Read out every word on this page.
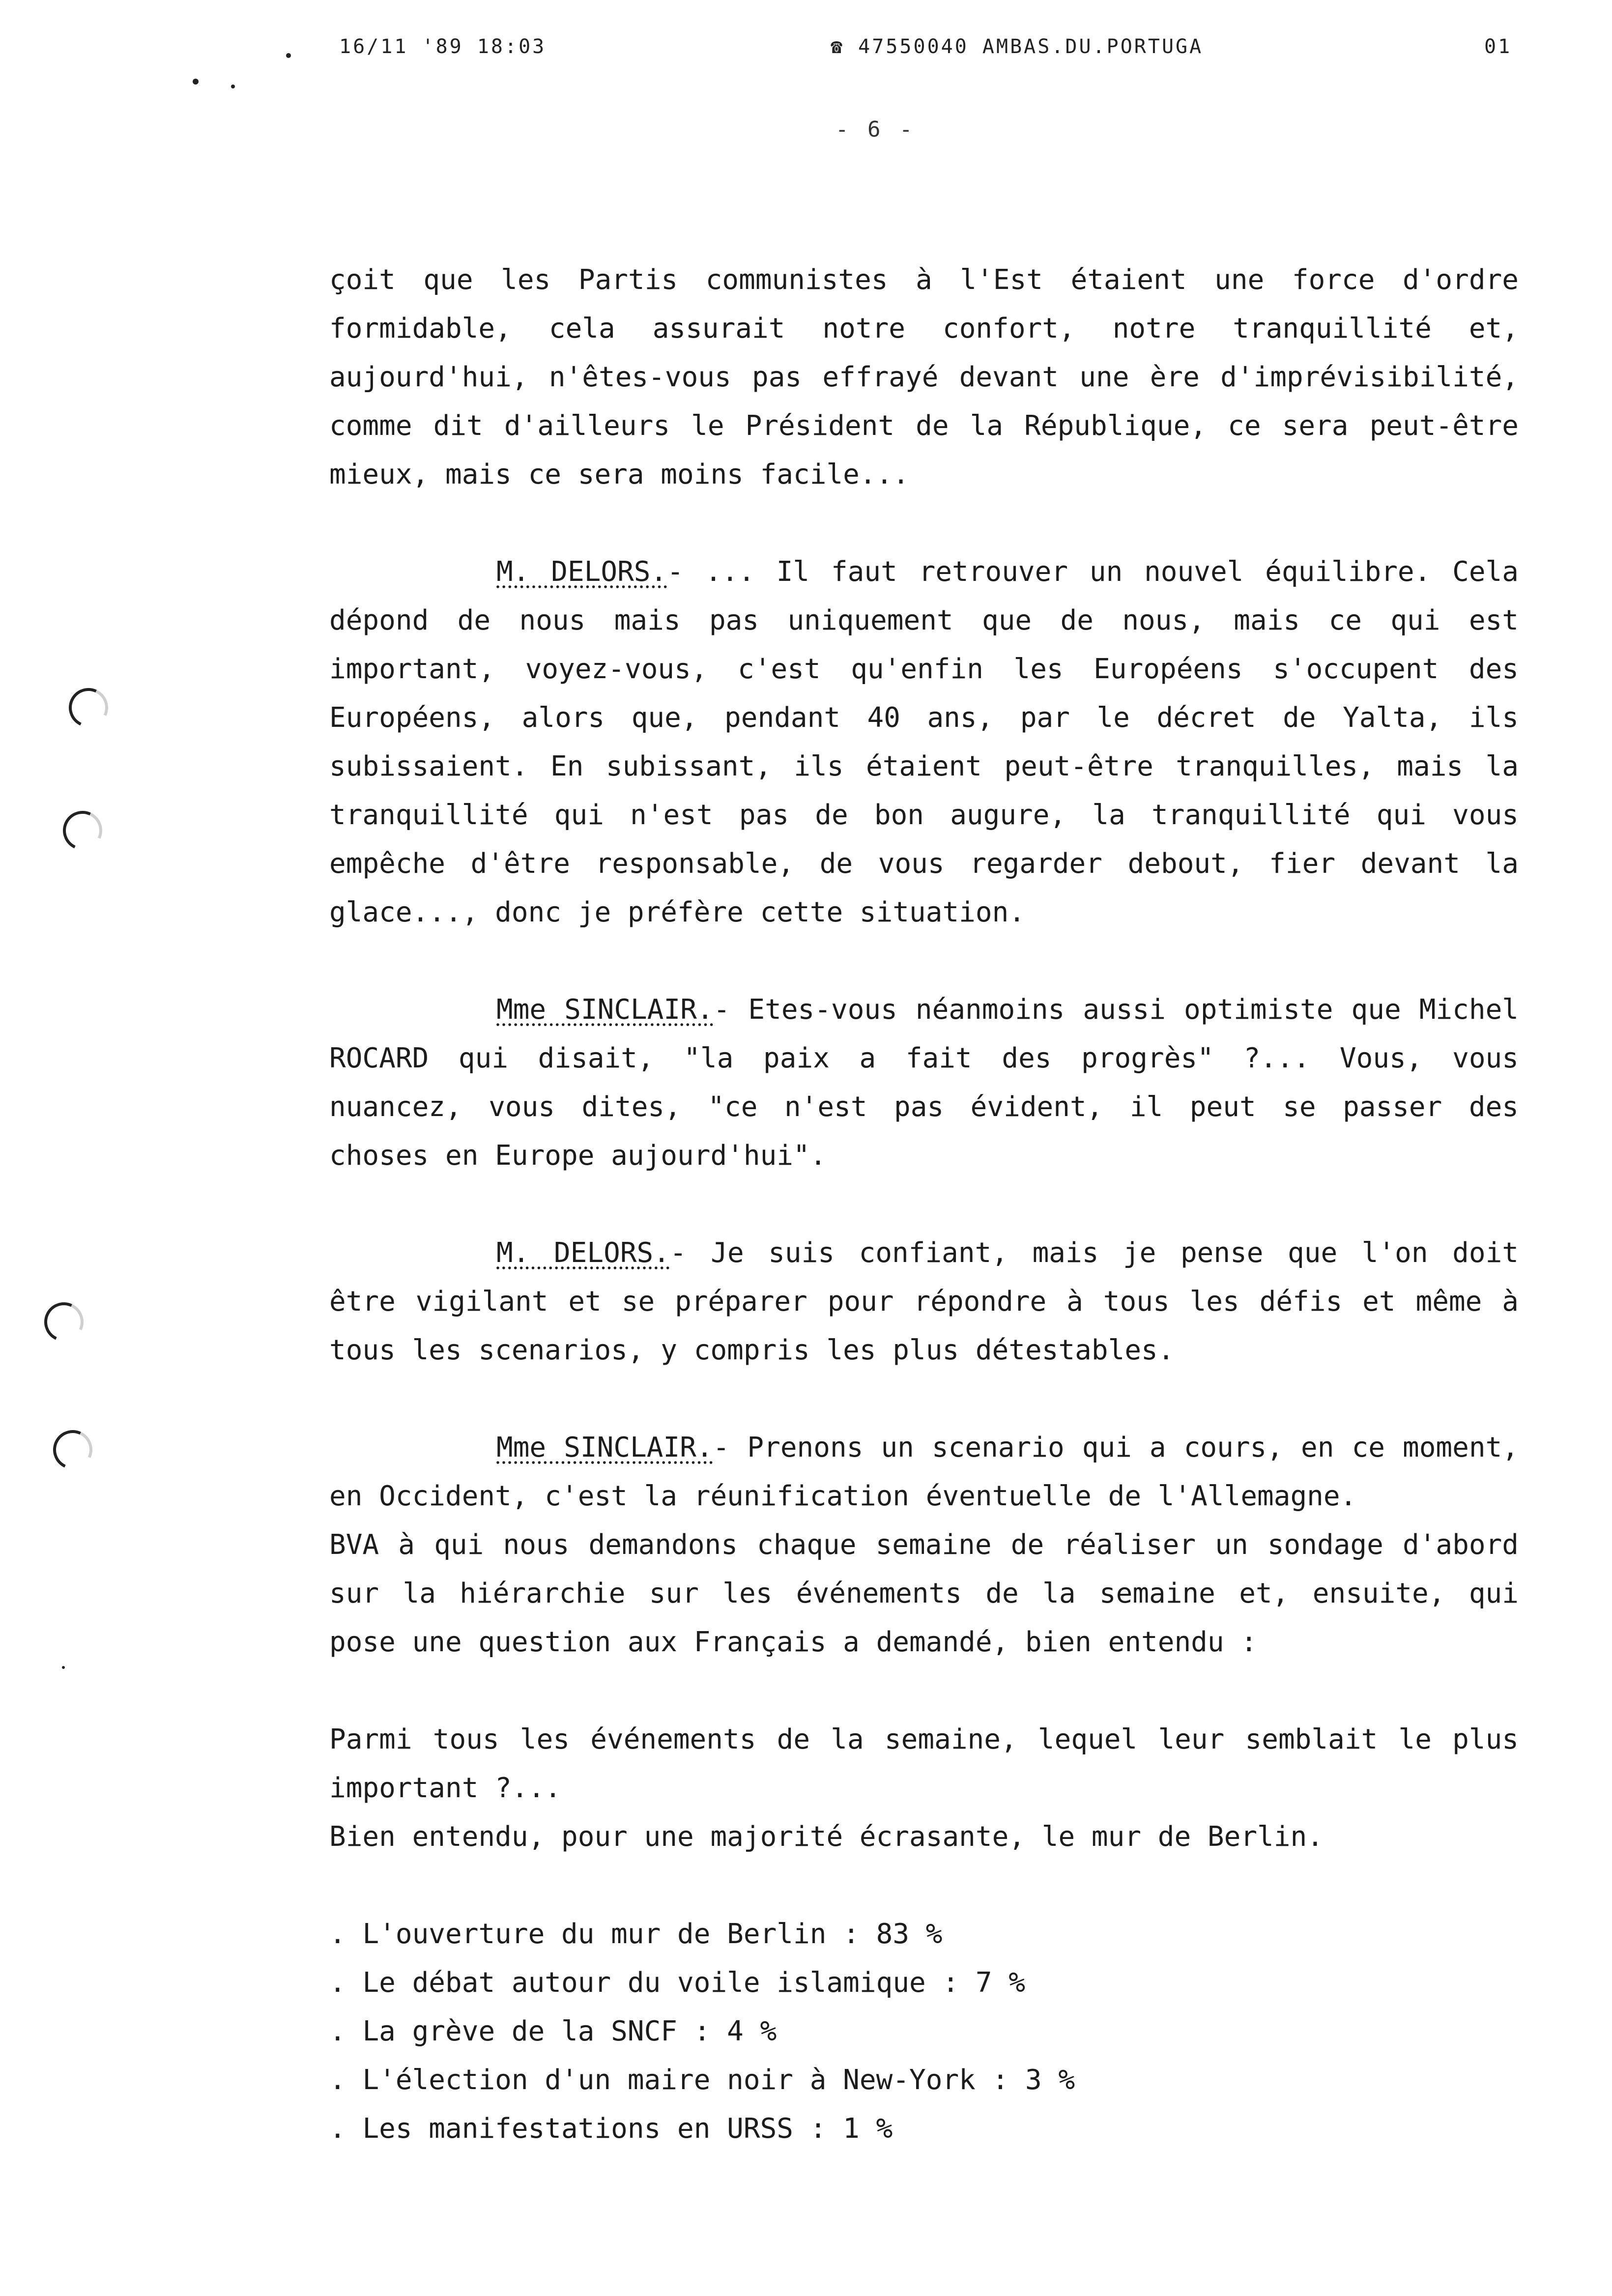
16/11 '89 18:03	☎ 47550040 AMBAS.DU.PORTUGA	01
- 6 -

çoit que les Partis communistes à l'Est étaient une force d'ordre formidable, cela assurait notre confort, notre tranquillité et, aujourd'hui, n'êtes-vous pas effrayé devant une ère d'imprévisibilité, comme dit d'ailleurs le Président de la République, ce sera peut-être mieux, mais ce sera moins facile...

M. DELORS.- ... Il faut retrouver un nouvel équilibre. Cela dépond de nous mais pas uniquement que de nous, mais ce qui est important, voyez-vous, c'est qu'enfin les Européens s'occupent des Européens, alors que, pendant 40 ans, par le décret de Yalta, ils subissaient. En subissant, ils étaient peut-être tranquilles, mais la tranquillité qui n'est pas de bon augure, la tranquillité qui vous empêche d'être responsable, de vous regarder debout, fier devant la glace..., donc je préfère cette situation.

Mme SINCLAIR.- Etes-vous néanmoins aussi optimiste que Michel ROCARD qui disait, "la paix a fait des progrès" ?... Vous, vous nuancez, vous dites, "ce n'est pas évident, il peut se passer des choses en Europe aujourd'hui".

M. DELORS.- Je suis confiant, mais je pense que l'on doit être vigilant et se préparer pour répondre à tous les défis et même à tous les scenarios, y compris les plus détestables.

Mme SINCLAIR.- Prenons un scenario qui a cours, en ce moment, en Occident, c'est la réunification éventuelle de l'Allemagne.

BVA à qui nous demandons chaque semaine de réaliser un sondage d'abord sur la hiérarchie sur les événements de la semaine et, ensuite, qui pose une question aux Français a demandé, bien entendu :

Parmi tous les événements de la semaine, lequel leur semblait le plus important ?...

Bien entendu, pour une majorité écrasante, le mur de Berlin.

. L'ouverture du mur de Berlin : 83 %
. Le débat autour du voile islamique : 7 %
. La grève de la SNCF : 4 %
. L'élection d'un maire noir à New-York : 3 %
. Les manifestations en URSS : 1 %
